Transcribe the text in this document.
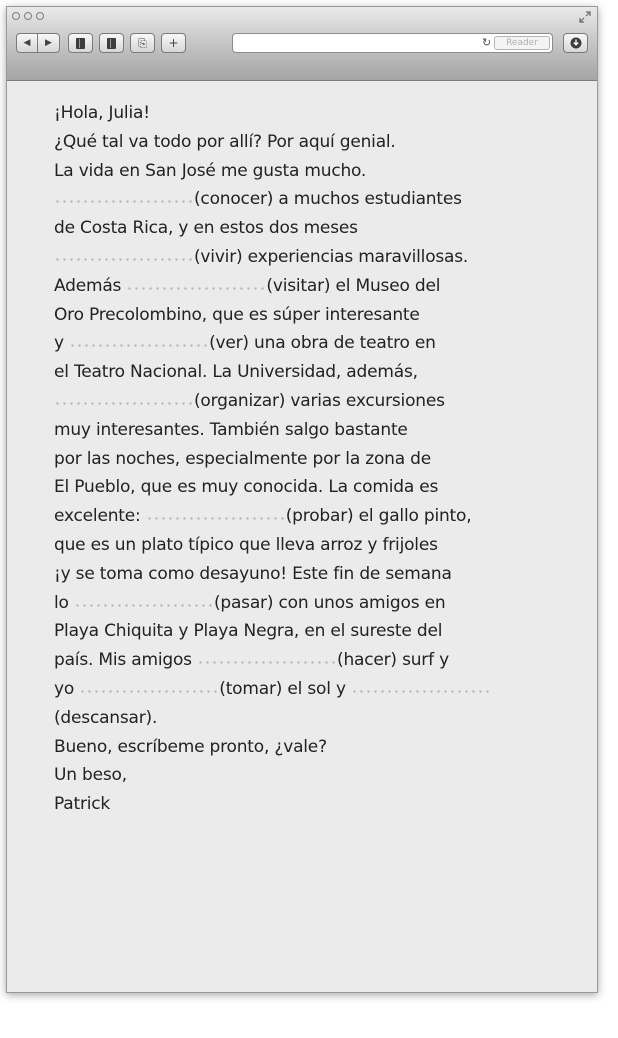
◀ ▶	⎘ +	↻	Reader
¡Hola, Julia!
¿Qué tal va todo por allí? Por aquí genial.
La vida en San José me gusta mucho.
(conocer) a muchos estudiantes
de Costa Rica, y en estos dos meses
(vivir) experiencias maravillosas.
Además	(visitar) el Museo del
Oro Precolombino, que es súper interesante
y	(ver) una obra de teatro en
el Teatro Nacional. La Universidad, además,
(organizar) varias excursiones
muy interesantes. También salgo bastante
por las noches, especialmente por la zona de
El Pueblo, que es muy conocida. La comida es
excelente:	(probar) el gallo pinto,
que es un plato típico que lleva arroz y frijoles
¡y se toma como desayuno! Este fin de semana
lo	(pasar) con unos amigos en
Playa Chiquita y Playa Negra, en el sureste del
país. Mis amigos	(hacer) surf y
yo	(tomar) el sol y
(descansar).
Bueno, escríbeme pronto, ¿vale?
Un beso,
Patrick
